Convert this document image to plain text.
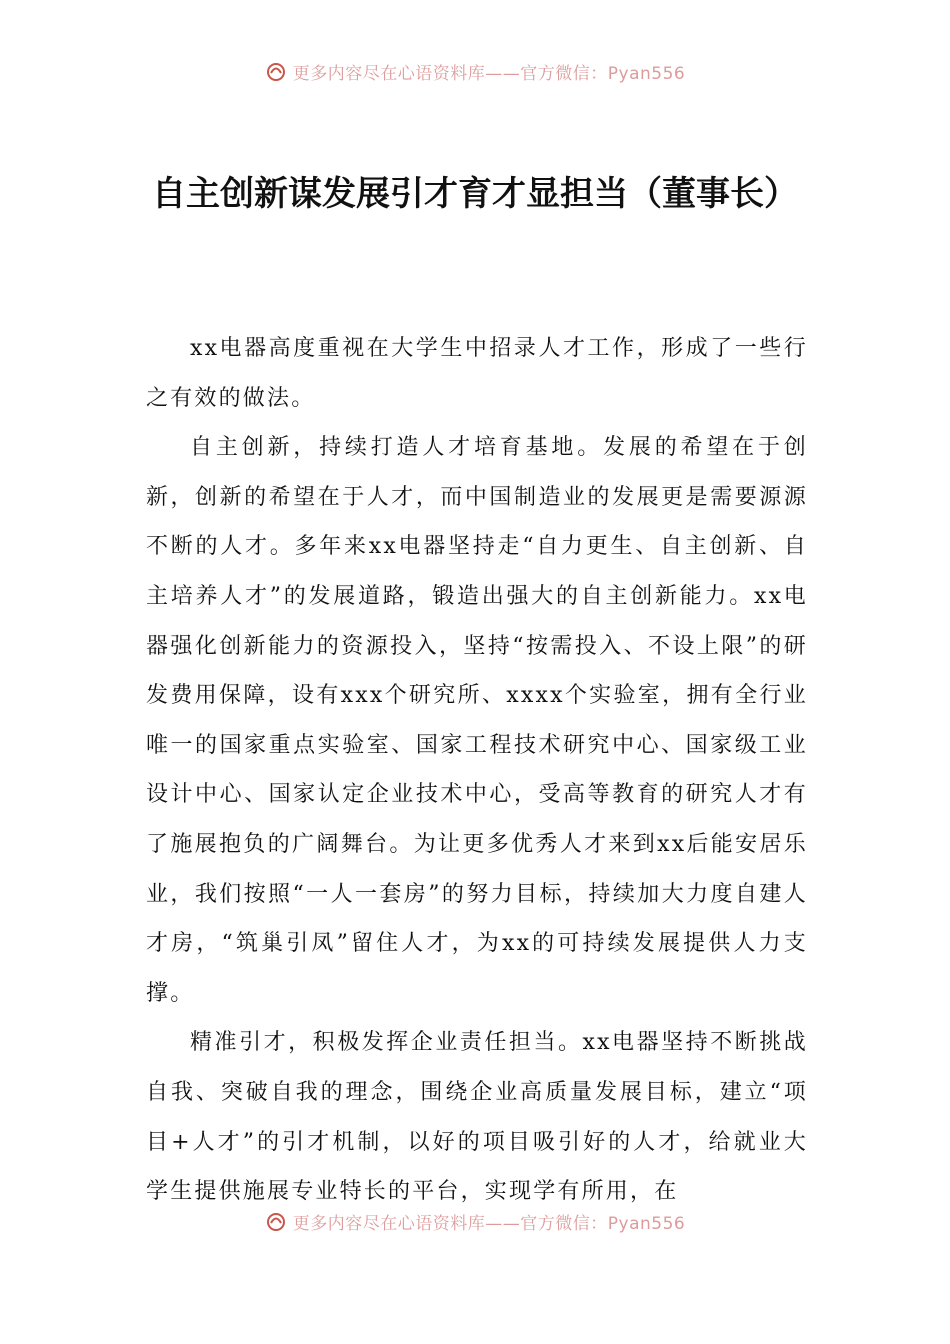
更多内容尽在心语资料库——官方微信：Pyan556
自主创新谋发展引才育才显担当（董事长）

xx电器高度重视在大学生中招录人才工作，形成了一些行之有效的做法。

自主创新，持续打造人才培育基地。发展的希望在于创新，创新的希望在于人才，而中国制造业的发展更是需要源源不断的人才。多年来xx电器坚持走“自力更生、自主创新、自主培养人才”的发展道路，锻造出强大的自主创新能力。xx电器强化创新能力的资源投入，坚持“按需投入、不设上限”的研发费用保障，设有xxx个研究所、xxxx个实验室，拥有全行业唯一的国家重点实验室、国家工程技术研究中心、国家级工业设计中心、国家认定企业技术中心，受高等教育的研究人才有了施展抱负的广阔舞台。为让更多优秀人才来到xx后能安居乐业，我们按照“一人一套房”的努力目标，持续加大力度自建人才房，“筑巢引凤”留住人才，为xx的可持续发展提供人力支撑。

精准引才，积极发挥企业责任担当。xx电器坚持不断挑战自我、突破自我的理念，围绕企业高质量发展目标，建立“项目+人才”的引才机制，以好的项目吸引好的人才，给就业大学生提供施展专业特长的平台，实现学有所用，在

更多内容尽在心语资料库——官方微信：Pyan556
